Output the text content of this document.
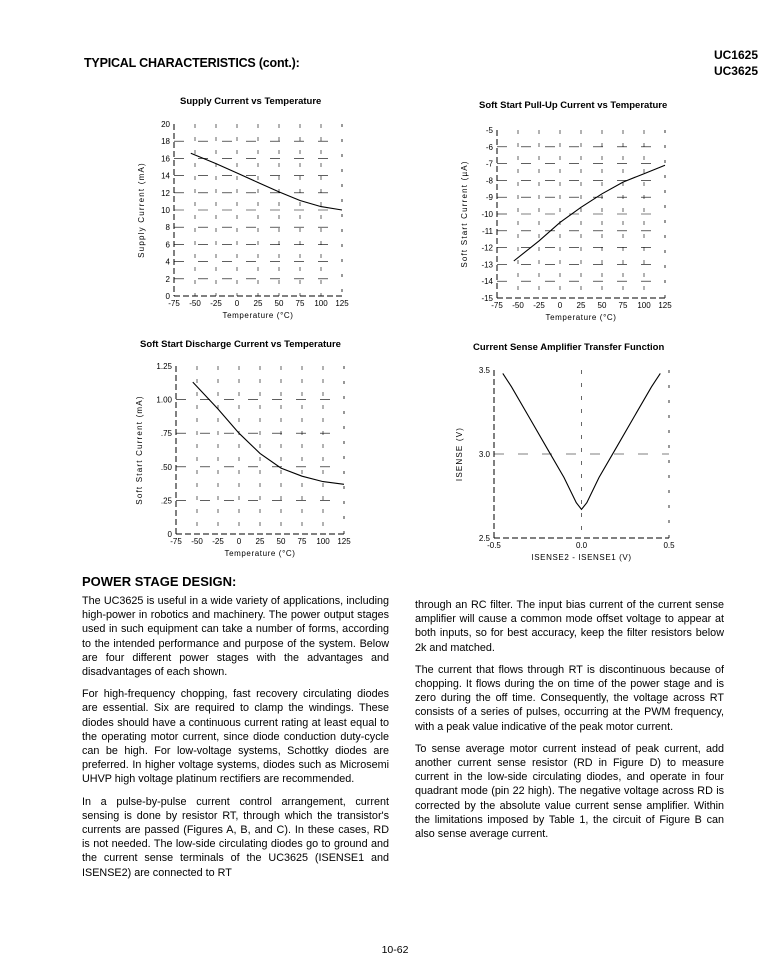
TYPICAL CHARACTERISTICS (cont.):
UC1625
UC3625
Supply Current vs Temperature
0
2
4
6
8
10
12
14
16
18
20
-75 -50 -25 0 25 50 75 100 125
Temperature (°C)
Supply Current (mA)
Soft Start Pull-Up Current vs Temperature
-5
-6
-7
-8
-9
-10
-11
-12
-13
-14
-15
-75 -50 -25 0 25 50 75 100 125
Temperature (°C)
Soft Start Current (µA)
Soft Start Discharge Current vs Temperature
0
.25
.50
.75
1.00
1.25
-75 -50 -25 0 25 50 75 100 125
Temperature (°C)
Soft Start Current (mA)
Current Sense Amplifier Transfer Function
2.5
3.0
3.5
-0.5	0.0	0.5
ISENSE2 - ISENSE1 (V)
ISENSE (V)
POWER STAGE DESIGN:

The UC3625 is useful in a wide variety of applications, including high-power in robotics and machinery. The power output stages used in such equipment can take a number of forms, according to the intended performance and purpose of the system. Below are four different power stages with the advantages and disadvantages of each shown.

For high-frequency chopping, fast recovery circulating diodes are essential. Six are required to clamp the windings. These diodes should have a continuous current rating at least equal to the operating motor current, since diode conduction duty-cycle can be high. For low-voltage systems, Schottky diodes are preferred. In higher voltage systems, diodes such as Microsemi UHVP high voltage platinum rectifiers are recommended.

In a pulse-by-pulse current control arrangement, current sensing is done by resistor RT, through which the transistor's currents are passed (Figures A, B, and C). In these cases, RD is not needed. The low-side circulating diodes go to ground and the current sense terminals of the UC3625 (ISENSE1 and ISENSE2) are connected to RT

through an RC filter. The input bias current of the current sense amplifier will cause a common mode offset voltage to appear at both inputs, so for best accuracy, keep the filter resistors below 2k and matched.

The current that flows through RT is discontinuous because of chopping. It flows during the on time of the power stage and is zero during the off time. Consequently, the voltage across RT consists of a series of pulses, occurring at the PWM frequency, with a peak value indicative of the peak motor current.

To sense average motor current instead of peak current, add another current sense resistor (RD in Figure D) to measure current in the low-side circulating diodes, and operate in four quadrant mode (pin 22 high). The negative voltage across RD is corrected by the absolute value current sense amplifier. Within the limitations imposed by Table 1, the circuit of Figure B can also sense average current.

10-62
